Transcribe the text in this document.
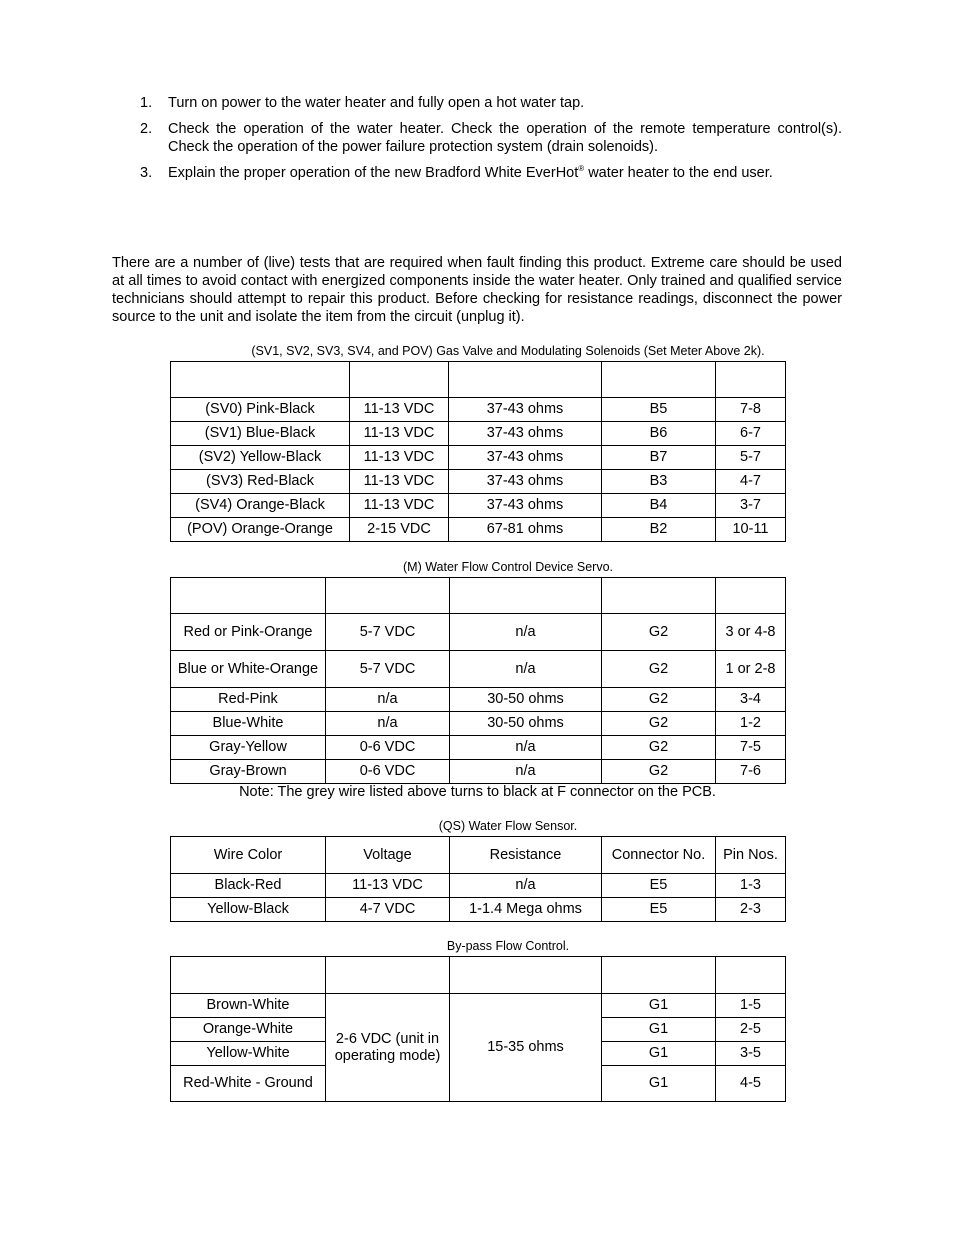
1. Turn on power to the water heater and fully open a hot water tap.
2. Check the operation of the water heater. Check the operation of the remote temperature control(s). Check the operation of the power failure protection system (drain solenoids).
3. Explain the proper operation of the new Bradford White EverHot® water heater to the end user.

There are a number of (live) tests that are required when fault finding this product. Extreme care should be used at all times to avoid contact with energized components inside the water heater. Only trained and qualified service technicians should attempt to repair this product. Before checking for resistance readings, disconnect the power source to the unit and isolate the item from the circuit (unplug it).

(SV1, SV2, SV3, SV4, and POV) Gas Valve and Modulating Solenoids (Set Meter Above 2k).

(SV0) Pink-Black	11-13 VDC	37-43 ohms	B5	7-8
(SV1) Blue-Black	11-13 VDC	37-43 ohms	B6	6-7
(SV2) Yellow-Black	11-13 VDC	37-43 ohms	B7	5-7
(SV3) Red-Black	11-13 VDC	37-43 ohms	B3	4-7
(SV4) Orange-Black	11-13 VDC	37-43 ohms	B4	3-7
(POV) Orange-Orange	2-15 VDC	67-81 ohms	B2	10-11
(M) Water Flow Control Device Servo.

Red or Pink-Orange	5-7 VDC	n/a	G2	3 or 4-8
Blue or White-Orange	5-7 VDC	n/a	G2	1 or 2-8
Red-Pink	n/a	30-50 ohms	G2	3-4
Blue-White	n/a	30-50 ohms	G2	1-2
Gray-Yellow	0-6 VDC	n/a	G2	7-5
Gray-Brown	0-6 VDC	n/a	G2	7-6
Note: The grey wire listed above turns to black at F connector on the PCB.
(QS) Water Flow Sensor.
Wire Color	Voltage	Resistance	Connector No.	Pin Nos.
Black-Red	11-13 VDC	n/a	E5	1-3
Yellow-Black	4-7 VDC	1-1.4 Mega ohms	E5	2-3
By-pass Flow Control.

Brown-White	2-6 VDC (unit in operating mode)	15-35 ohms	G1	1-5
Orange-White			G1	2-5
Yellow-White			G1	3-5
Red-White - Ground			G1	4-5
